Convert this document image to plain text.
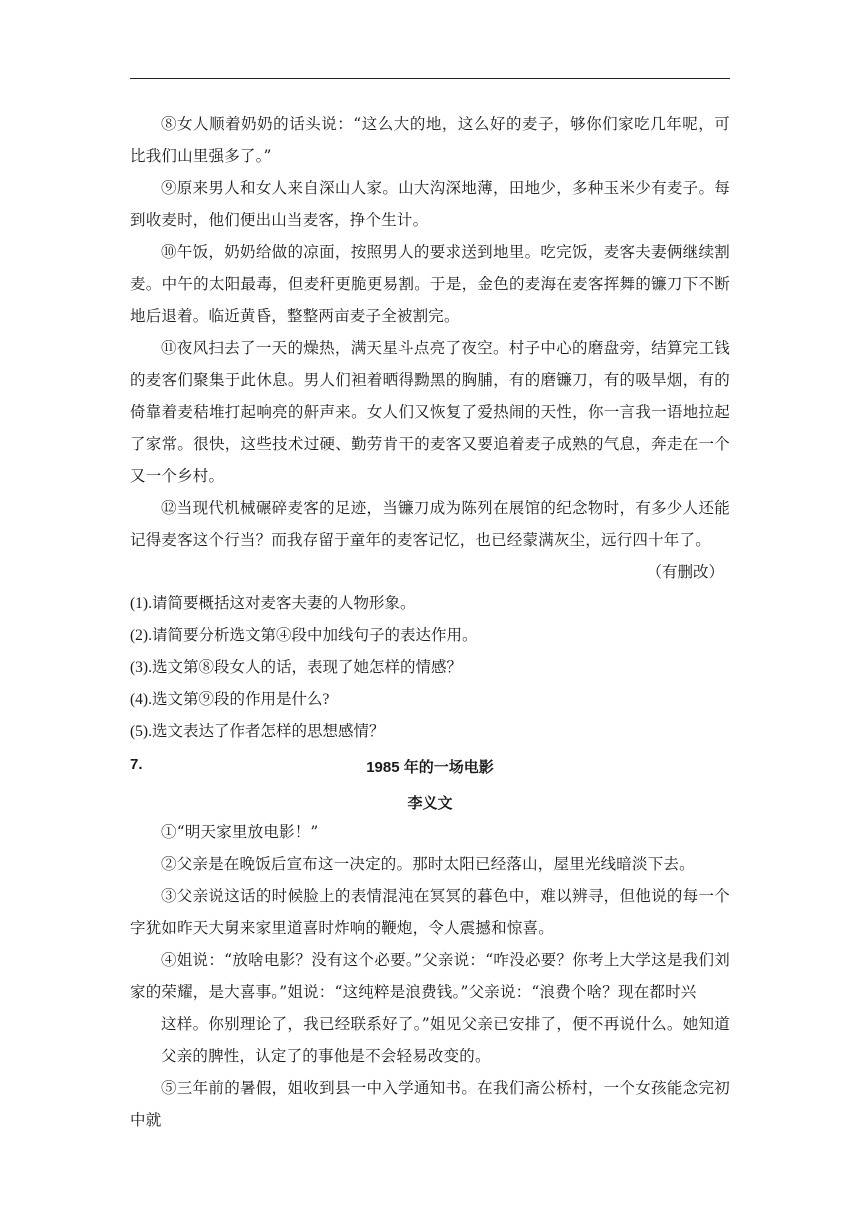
⑧女人顺着奶奶的话头说：“这么大的地，这么好的麦子，够你们家吃几年呢，可比我们山里强多了。”

⑨原来男人和女人来自深山人家。山大沟深地薄，田地少，多种玉米少有麦子。每到收麦时，他们便出山当麦客，挣个生计。

⑩午饭，奶奶给做的凉面，按照男人的要求送到地里。吃完饭，麦客夫妻俩继续割麦。中午的太阳最毒，但麦秆更脆更易割。于是，金色的麦海在麦客挥舞的镰刀下不断地后退着。临近黄昏，整整两亩麦子全被割完。

⑪夜风扫去了一天的燥热，满天星斗点亮了夜空。村子中心的磨盘旁，结算完工钱的麦客们聚集于此休息。男人们袒着晒得黝黑的胸脯，有的磨镰刀，有的吸旱烟，有的倚靠着麦秸堆打起响亮的鼾声来。女人们又恢复了爱热闹的天性，你一言我一语地拉起了家常。很快，这些技术过硬、勤劳肯干的麦客又要追着麦子成熟的气息，奔走在一个又一个乡村。

⑫当现代机械碾碎麦客的足迹，当镰刀成为陈列在展馆的纪念物时，有多少人还能记得麦客这个行当？而我存留于童年的麦客记忆，也已经蒙满灰尘，远行四十年了。

（有删改）

(1). 请简要概括这对麦客夫妻的人物形象。
(2). 请简要分析选文第④段中加线句子的表达作用。
(3). 选文第⑧段女人的话，表现了她怎样的情感？
(4). 选文第⑨段的作用是什么?
(5). 选文表达了作者怎样的思想感情？
7.	1985 年的一场电影
李义文

①“明天家里放电影！”

②父亲是在晚饭后宣布这一决定的。那时太阳已经落山，屋里光线暗淡下去。

③父亲说这话的时候脸上的表情混沌在冥冥的暮色中，难以辨寻，但他说的每一个字犹如昨天大舅来家里道喜时炸响的鞭炮，令人震撼和惊喜。

④姐说：“放啥电影？没有这个必要。”父亲说：“咋没必要？你考上大学这是我们刘家的荣耀，是大喜事。”姐说：“这纯粹是浪费钱。”父亲说：“浪费个啥？现在都时兴

这样。你别理论了，我已经联系好了。”姐见父亲已安排了，便不再说什么。她知道父亲的脾性，认定了的事他是不会轻易改变的。

⑤三年前的暑假，姐收到县一中入学通知书。在我们斋公桥村，一个女孩能念完初中就
